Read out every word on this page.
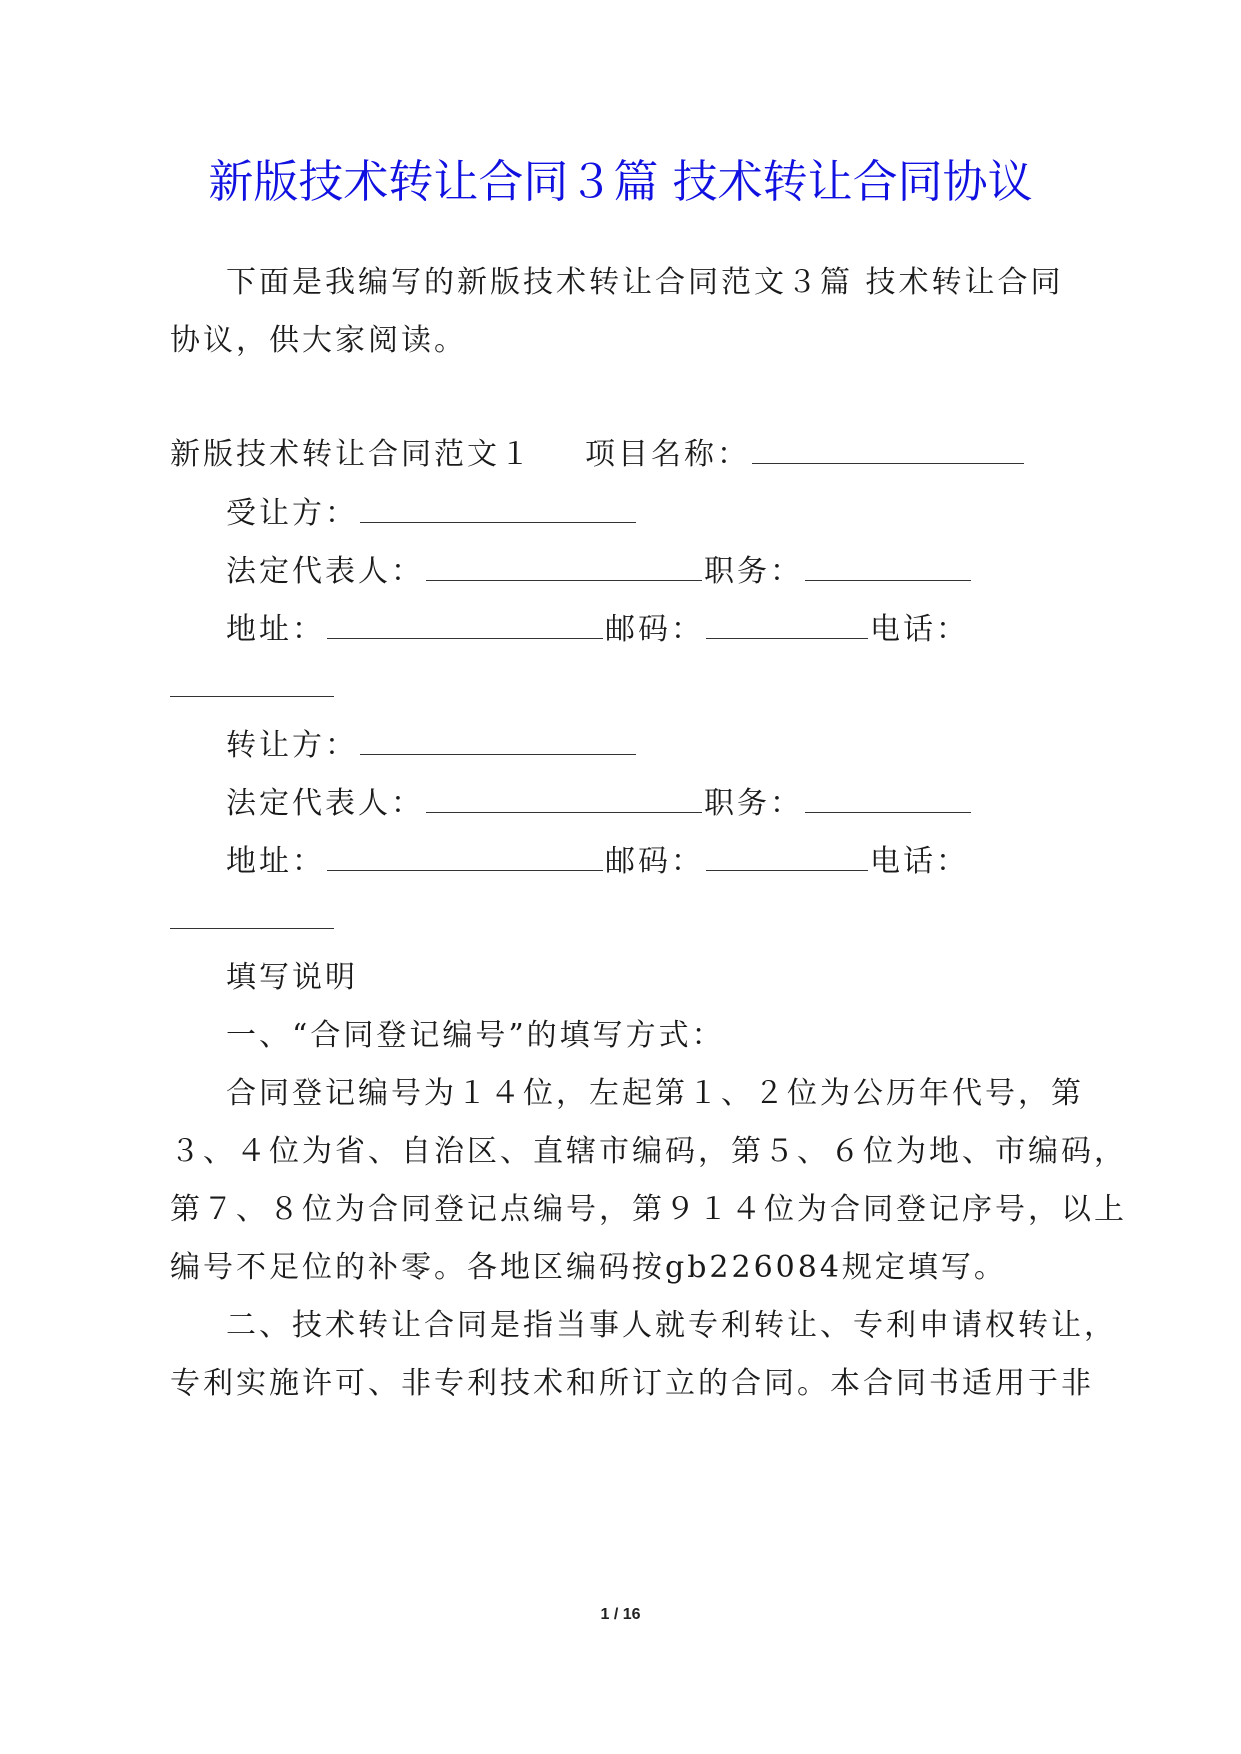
新版技术转让合同３篇 技术转让合同协议
下面是我编写的新版技术转让合同范文３篇 技术转让合同
协议，供大家阅读。
新版技术转让合同范文１ 项目名称：
受让方：
法定代表人：	职务：
地址：	邮码：	电话：
转让方：
法定代表人：	职务：
地址：	邮码：	电话：
填写说明
一、“合同登记编号”的填写方式：
合同登记编号为１４位，左起第１、２位为公历年代号，第
３、４位为省、自治区、直辖市编码，第５、６位为地、市编码，
第７、８位为合同登记点编号，第９１４位为合同登记序号，以上
编号不足位的补零。各地区编码按gb226084规定填写。
二、技术转让合同是指当事人就专利转让、专利申请权转让，
专利实施许可、非专利技术和所订立的合同。本合同书适用于非
1 / 16
